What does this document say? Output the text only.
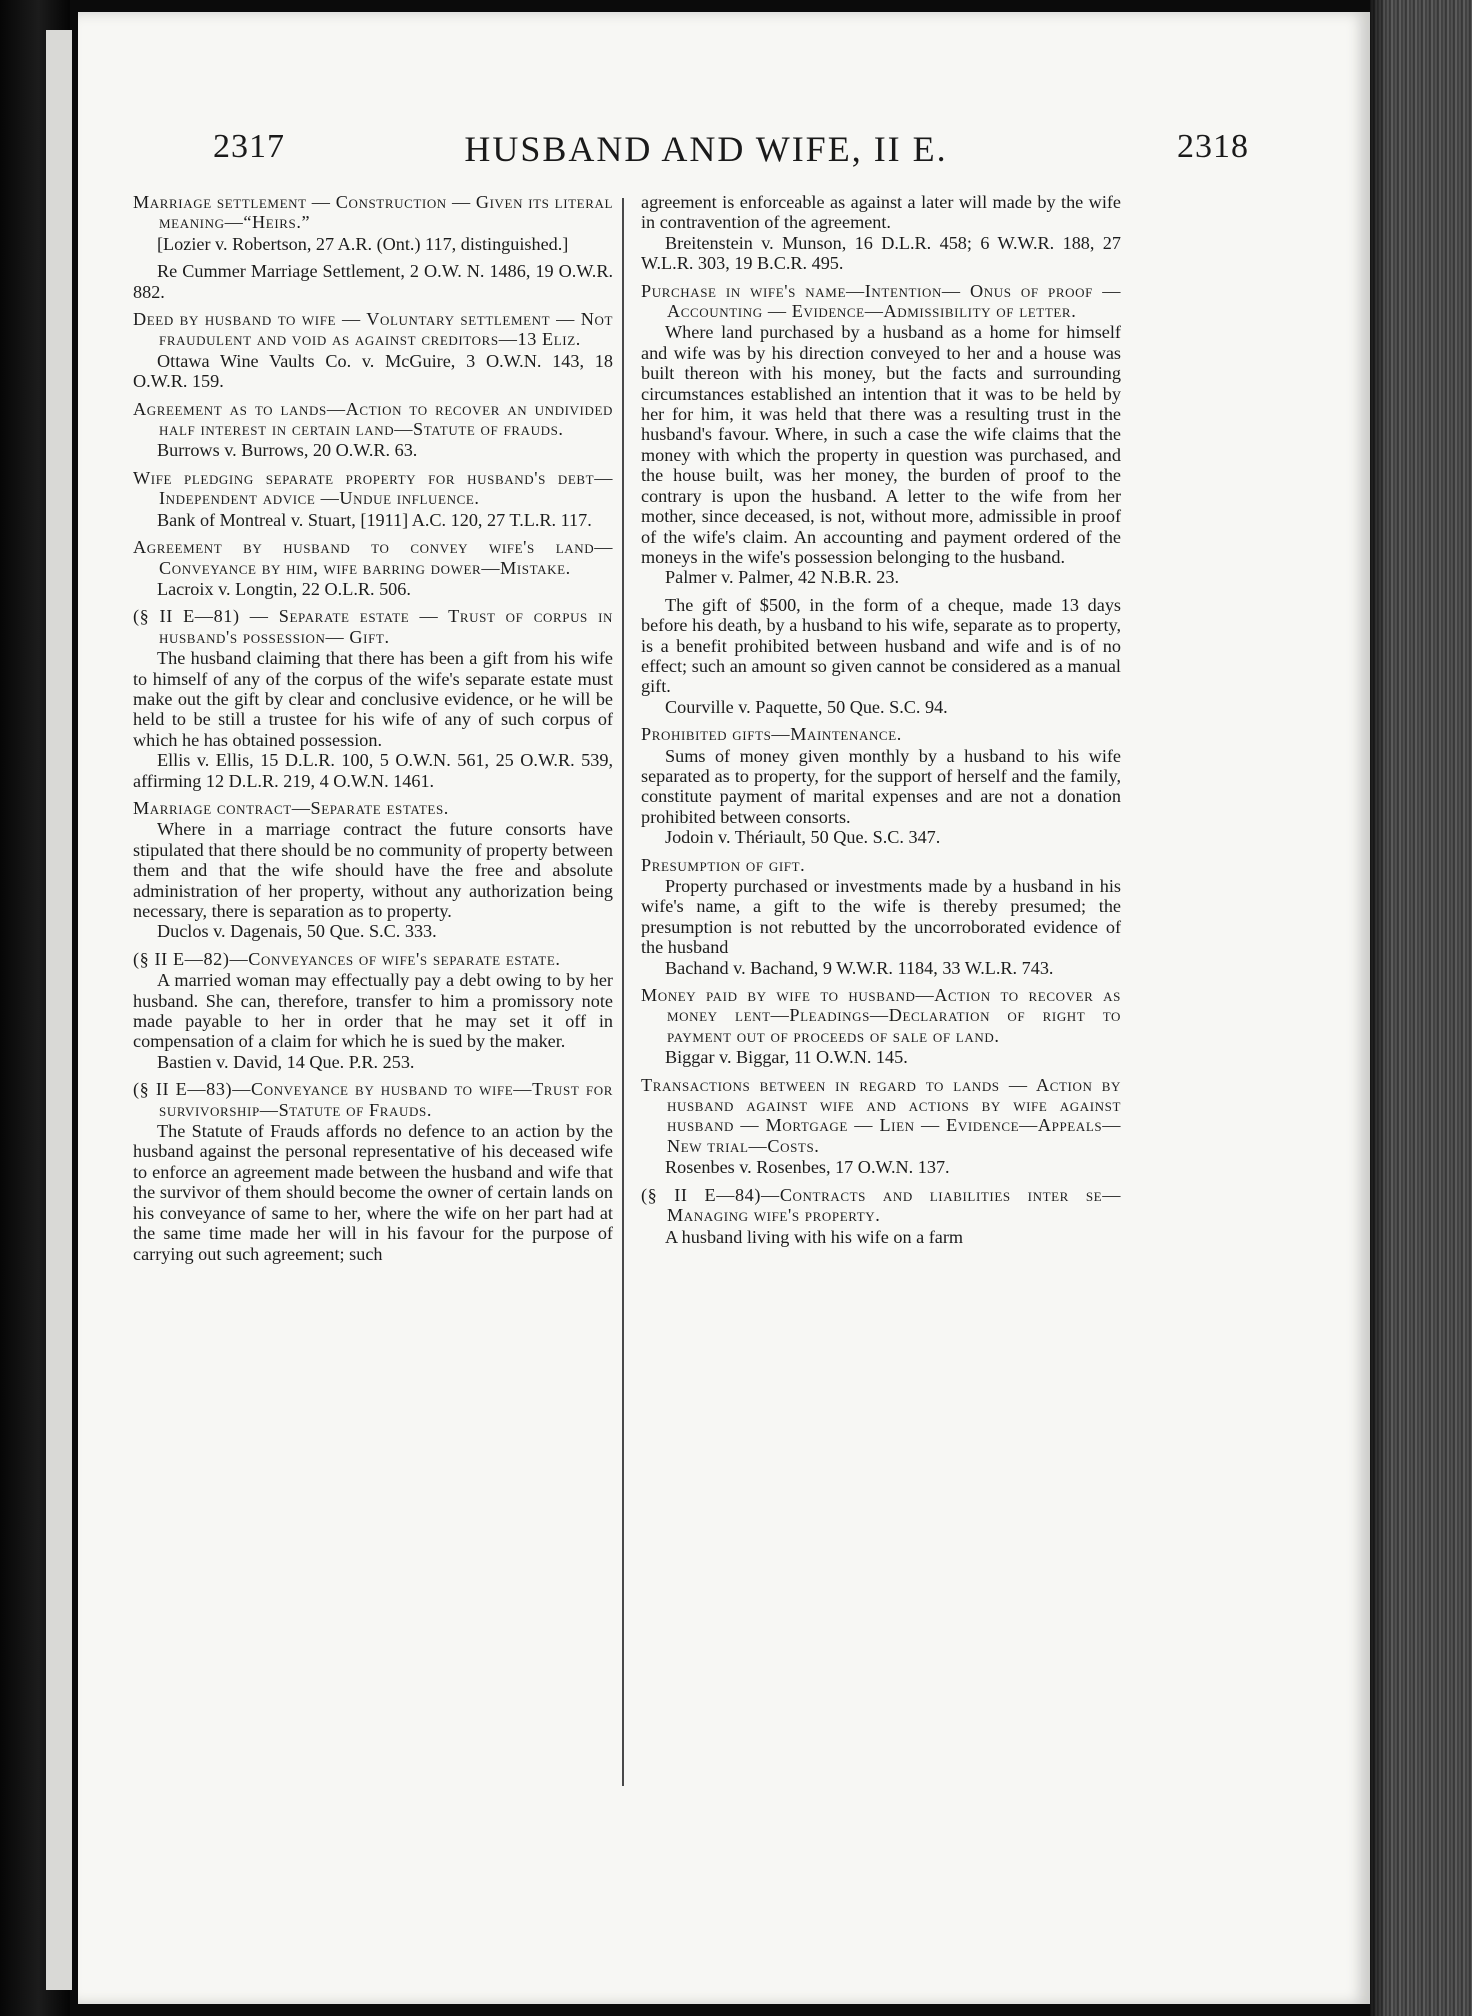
2317	HUSBAND AND WIFE, II E.	2318

Marriage settlement — Construction — Given its literal meaning—“Heirs.”

[Lozier v. Robertson, 27 A.R. (Ont.) 117, distinguished.]

Re Cummer Marriage Settlement, 2 O.W. N. 1486, 19 O.W.R. 882.

Deed by husband to wife — Voluntary settlement — Not fraudulent and void as against creditors—13 Eliz.

Ottawa Wine Vaults Co. v. McGuire, 3 O.W.N. 143, 18 O.W.R. 159.

Agreement as to lands—Action to recover an undivided half interest in certain land—Statute of frauds.

Burrows v. Burrows, 20 O.W.R. 63.

Wife pledging separate property for husband's debt—Independent advice —Undue influence.

Bank of Montreal v. Stuart, [1911] A.C. 120, 27 T.L.R. 117.

Agreement by husband to convey wife's land—Conveyance by him, wife barring dower—Mistake.

Lacroix v. Longtin, 22 O.L.R. 506.

(§ II E—81) — Separate estate — Trust of corpus in husband's possession— Gift.

The husband claiming that there has been a gift from his wife to himself of any of the corpus of the wife's separate estate must make out the gift by clear and conclusive evidence, or he will be held to be still a trustee for his wife of any of such corpus of which he has obtained possession.

Ellis v. Ellis, 15 D.L.R. 100, 5 O.W.N. 561, 25 O.W.R. 539, affirming 12 D.L.R. 219, 4 O.W.N. 1461.

Marriage contract—Separate estates.

Where in a marriage contract the future consorts have stipulated that there should be no community of property between them and that the wife should have the free and absolute administration of her property, without any authorization being necessary, there is separation as to property.

Duclos v. Dagenais, 50 Que. S.C. 333.

(§ II E—82)—Conveyances of wife's separate estate.

A married woman may effectually pay a debt owing to by her husband. She can, therefore, transfer to him a promissory note made payable to her in order that he may set it off in compensation of a claim for which he is sued by the maker.

Bastien v. David, 14 Que. P.R. 253.

(§ II E—83)—Conveyance by husband to wife—Trust for survivorship—Statute of Frauds.

The Statute of Frauds affords no defence to an action by the husband against the personal representative of his deceased wife to enforce an agreement made between the husband and wife that the survivor of them should become the owner of certain lands on his conveyance of same to her, where the wife on her part had at the same time made her will in his favour for the purpose of carrying out such agreement; such

agreement is enforceable as against a later will made by the wife in contravention of the agreement.

Breitenstein v. Munson, 16 D.L.R. 458; 6 W.W.R. 188, 27 W.L.R. 303, 19 B.C.R. 495.

Purchase in wife's name—Intention— Onus of proof — Accounting — Evidence—Admissibility of letter.

Where land purchased by a husband as a home for himself and wife was by his direction conveyed to her and a house was built thereon with his money, but the facts and surrounding circumstances established an intention that it was to be held by her for him, it was held that there was a resulting trust in the husband's favour. Where, in such a case the wife claims that the money with which the property in question was purchased, and the house built, was her money, the burden of proof to the contrary is upon the husband. A letter to the wife from her mother, since deceased, is not, without more, admissible in proof of the wife's claim. An accounting and payment ordered of the moneys in the wife's possession belonging to the husband.

Palmer v. Palmer, 42 N.B.R. 23.

The gift of $500, in the form of a cheque, made 13 days before his death, by a husband to his wife, separate as to property, is a benefit prohibited between husband and wife and is of no effect; such an amount so given cannot be considered as a manual gift.

Courville v. Paquette, 50 Que. S.C. 94.

Prohibited gifts—Maintenance.

Sums of money given monthly by a husband to his wife separated as to property, for the support of herself and the family, constitute payment of marital expenses and are not a donation prohibited between consorts.

Jodoin v. Thériault, 50 Que. S.C. 347.

Presumption of gift.

Property purchased or investments made by a husband in his wife's name, a gift to the wife is thereby presumed; the presumption is not rebutted by the uncorroborated evidence of the husband

Bachand v. Bachand, 9 W.W.R. 1184, 33 W.L.R. 743.

Money paid by wife to husband—Action to recover as money lent—Pleadings—Declaration of right to payment out of proceeds of sale of land.

Biggar v. Biggar, 11 O.W.N. 145.

Transactions between in regard to lands — Action by husband against wife and actions by wife against husband — Mortgage — Lien — Evidence—Appeals—New trial—Costs.

Rosenbes v. Rosenbes, 17 O.W.N. 137.

(§ II E—84)—Contracts and liabilities inter se—Managing wife's property.

A husband living with his wife on a farm
